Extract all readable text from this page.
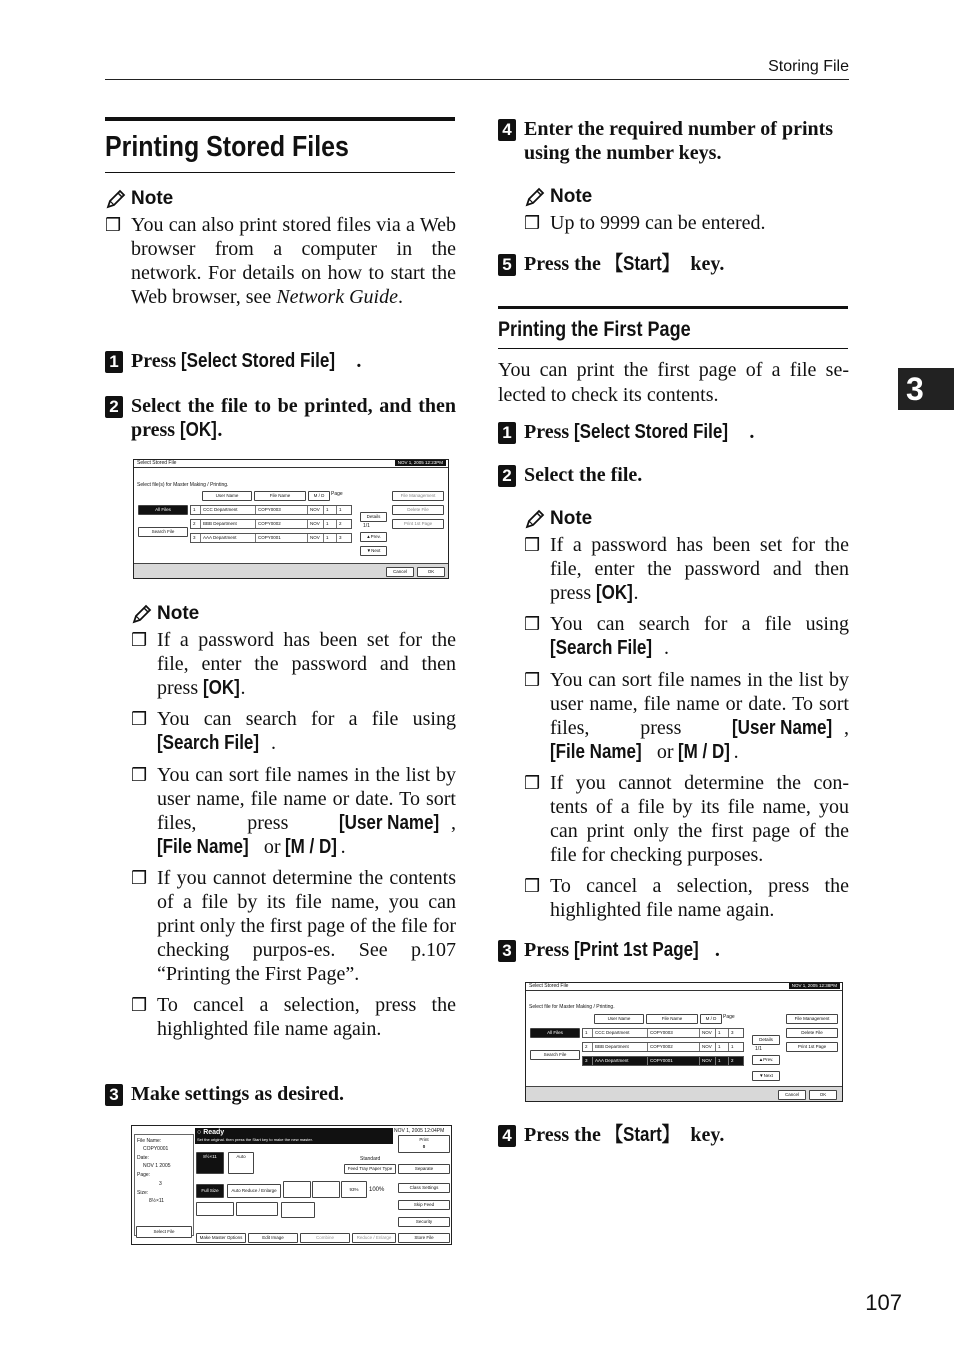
Storing File
3
107
Printing Stored Files
Note
❒ You can also print stored files via a Web browser from a computer in the network. For details on how to start the Web browser, see Network Guide.
1 Press [Select Stored File] .
2 Select the file to be printed, and then press [OK].
Select Stored File	NOV 1, 2005 12:23PM
Select file(s) for Master Making / Printing.
User Name	File Name	M / D	Page
All Files
Search File
1	CCC Department	COPY0003	NOV	1	1
2	BBB Department	COPY0002	NOV	1	2
3	AAA Department	COPY0001	NOV	1	3
Details
1/1
▲Prev.
▼Next
File Management
Delete File
Print 1st Page
Cancel	OK
Note
❒ If a password has been set for the file, enter the password and then press [OK].
❒ You can search for a file using [Search File] .
❒ You can sort file names in the list by user name, file name or date. To sort files, press [User Name] , [File Name] or [M / D] .
❒ If you cannot determine the contents of a file by its file name, you can print only the first page of the file for checking purpos-es. See p.107 “Printing the First Page”.
❒ To cancel a selection, press the highlighted file name again.
3 Make settings as desired.
File Name:
COPY0001
Date:
NOV 1 2005
Page:
3
Size:
8½×11
Select File
○ Ready
Set the original. then press the Start key to make the new master.
NOV 1, 2005 12:04PM
Print
0
8½×11	Auto	Standard
Feed Tray Paper Type
Full Size	Auto Reduce / Enlarge	93%	100%
Separate
Class Settings
Skip Feed
Security
Store File
Make Master Options	Edit Image	Combine	Reduce / Enlarge
4 Enter the required number of prints using the number keys.
Note
❒ Up to 9999 can be entered.
5 Press the 【Start】 key.
Printing the First Page
You can print the first page of a file se-lected to check its contents.
1 Press [Select Stored File] .
2 Select the file.
Note
❒ If a password has been set for the file, enter the password and then press [OK].
❒ You can search for a file using [Search File] .
❒ You can sort file names in the list by user name, file name or date. To sort files, press [User Name] , [File Name] or [M / D] .
❒ If you cannot determine the con-tents of a file by its file name, you can print only the first page of the file for checking purposes.
❒ To cancel a selection, press the highlighted file name again.
3 Press [Print 1st Page] .
Select Stored File	NOV 1, 2005 12:38PM
Select file for Master Making / Printing.
User Name	File Name	M / D	Page
All Files
Search File
1	CCC Department	COPY0003	NOV	1	3
2	BBB Department	COPY0002	NOV	1	1
3	AAA Department	COPY0001	NOV	1	2
Details
1/1
▲Prev.
▼Next
File Management
Delete File
Print 1st Page
Cancel	OK
4 Press the 【Start】 key.
